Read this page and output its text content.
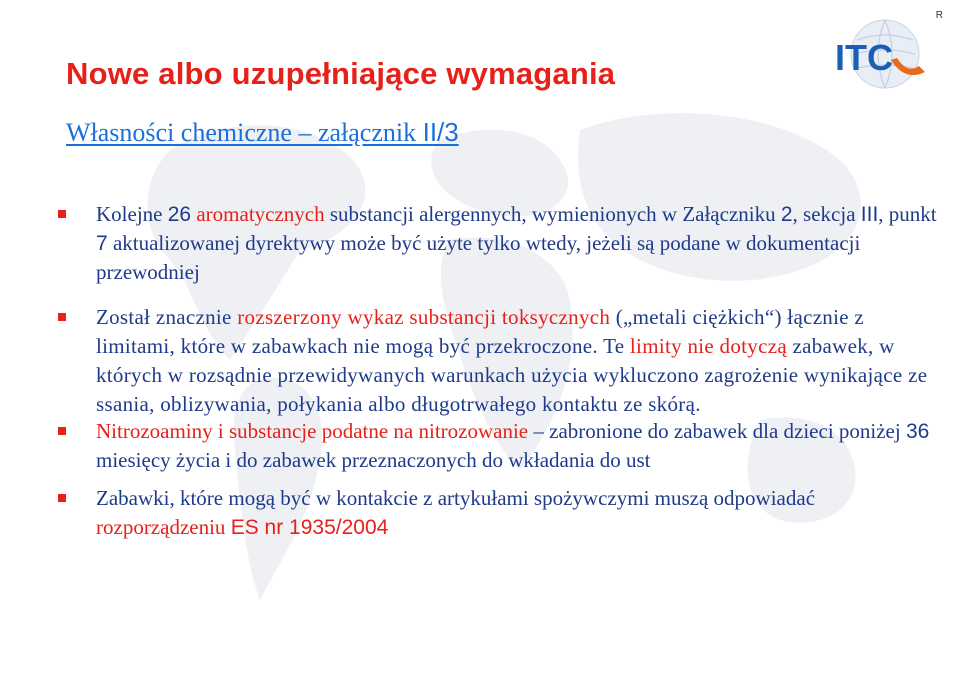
ITC
R
Nowe albo uzupełniające wymagania
Własności chemiczne – załącznik II/3
Kolejne 26 aromatycznych substancji alergennych, wymienionych w Załączniku 2, sekcja III, punkt 7 aktualizowanej dyrektywy może być użyte tylko wtedy, jeżeli są podane w dokumentacji przewodniej
Został znacznie rozszerzony wykaz substancji toksycznych („metali ciężkich“) łącznie z limitami, które w zabawkach nie mogą być przekroczone. Te limity nie dotyczą zabawek, w których w rozsądnie przewidywanych warunkach użycia wykluczono zagrożenie wynikające ze ssania, oblizywania, połykania albo długotrwałego kontaktu ze skórą.
Nitrozoaminy i substancje podatne na nitrozowanie – zabronione do zabawek dla dzieci poniżej 36 miesięcy życia i do zabawek przeznaczonych do wkładania do ust
Zabawki, które mogą być w kontakcie z artykułami spożywczymi muszą odpowiadać rozporządzeniu ES nr 1935/2004
